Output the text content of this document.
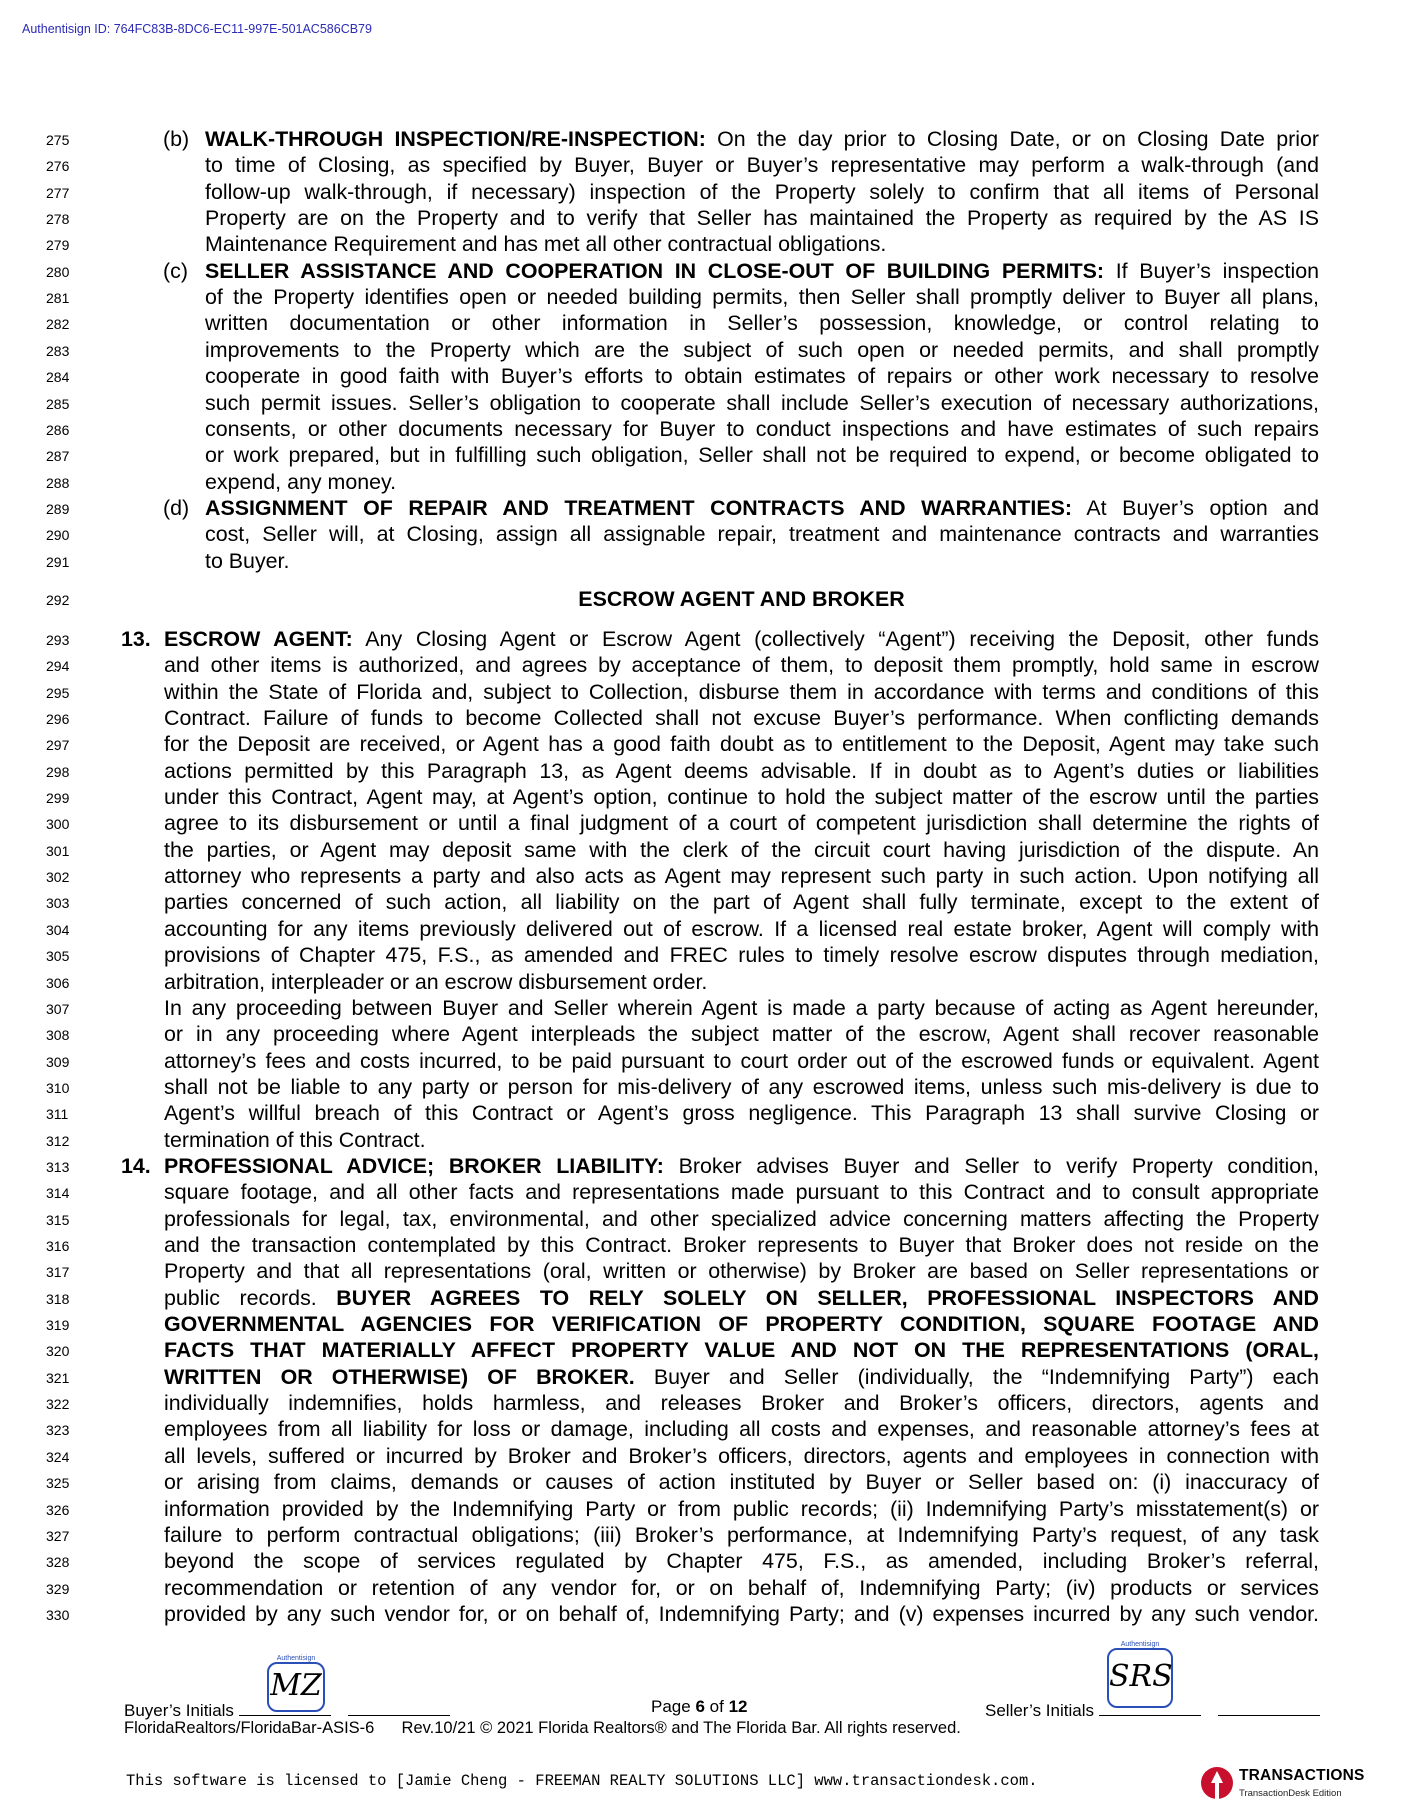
Authentisign ID: 764FC83B-8DC6-EC11-997E-501AC586CB79
275	(b) WALK-THROUGH INSPECTION/RE-INSPECTION: On the day prior to Closing Date, or on Closing Date prior
276	to time of Closing, as specified by Buyer, Buyer or Buyer’s representative may perform a walk-through (and
277	follow-up walk-through, if necessary) inspection of the Property solely to confirm that all items of Personal
278	Property are on the Property and to verify that Seller has maintained the Property as required by the AS IS
279	Maintenance Requirement and has met all other contractual obligations.
280	(c) SELLER ASSISTANCE AND COOPERATION IN CLOSE-OUT OF BUILDING PERMITS: If Buyer’s inspection
281	of the Property identifies open or needed building permits, then Seller shall promptly deliver to Buyer all plans,
282	written documentation or other information in Seller’s possession, knowledge, or control relating to
283	improvements to the Property which are the subject of such open or needed permits, and shall promptly
284	cooperate in good faith with Buyer’s efforts to obtain estimates of repairs or other work necessary to resolve
285	such permit issues. Seller’s obligation to cooperate shall include Seller’s execution of necessary authorizations,
286	consents, or other documents necessary for Buyer to conduct inspections and have estimates of such repairs
287	or work prepared, but in fulfilling such obligation, Seller shall not be required to expend, or become obligated to
288	expend, any money.
289	(d) ASSIGNMENT OF REPAIR AND TREATMENT CONTRACTS AND WARRANTIES: At Buyer’s option and
290	cost, Seller will, at Closing, assign all assignable repair, treatment and maintenance contracts and warranties
291	to Buyer.
292	ESCROW AGENT AND BROKER
293	13. ESCROW AGENT: Any Closing Agent or Escrow Agent (collectively “Agent”) receiving the Deposit, other funds
294	and other items is authorized, and agrees by acceptance of them, to deposit them promptly, hold same in escrow
295	within the State of Florida and, subject to Collection, disburse them in accordance with terms and conditions of this
296	Contract. Failure of funds to become Collected shall not excuse Buyer’s performance. When conflicting demands
297	for the Deposit are received, or Agent has a good faith doubt as to entitlement to the Deposit, Agent may take such
298	actions permitted by this Paragraph 13, as Agent deems advisable. If in doubt as to Agent’s duties or liabilities
299	under this Contract, Agent may, at Agent’s option, continue to hold the subject matter of the escrow until the parties
300	agree to its disbursement or until a final judgment of a court of competent jurisdiction shall determine the rights of
301	the parties, or Agent may deposit same with the clerk of the circuit court having jurisdiction of the dispute. An
302	attorney who represents a party and also acts as Agent may represent such party in such action. Upon notifying all
303	parties concerned of such action, all liability on the part of Agent shall fully terminate, except to the extent of
304	accounting for any items previously delivered out of escrow. If a licensed real estate broker, Agent will comply with
305	provisions of Chapter 475, F.S., as amended and FREC rules to timely resolve escrow disputes through mediation,
306	arbitration, interpleader or an escrow disbursement order.
307	In any proceeding between Buyer and Seller wherein Agent is made a party because of acting as Agent hereunder,
308	or in any proceeding where Agent interpleads the subject matter of the escrow, Agent shall recover reasonable
309	attorney’s fees and costs incurred, to be paid pursuant to court order out of the escrowed funds or equivalent. Agent
310	shall not be liable to any party or person for mis-delivery of any escrowed items, unless such mis-delivery is due to
311	Agent’s willful breach of this Contract or Agent’s gross negligence. This Paragraph 13 shall survive Closing or
312	termination of this Contract.
313	14. PROFESSIONAL ADVICE; BROKER LIABILITY: Broker advises Buyer and Seller to verify Property condition,
314	square footage, and all other facts and representations made pursuant to this Contract and to consult appropriate
315	professionals for legal, tax, environmental, and other specialized advice concerning matters affecting the Property
316	and the transaction contemplated by this Contract. Broker represents to Buyer that Broker does not reside on the
317	Property and that all representations (oral, written or otherwise) by Broker are based on Seller representations or
318	public records. BUYER AGREES TO RELY SOLELY ON SELLER, PROFESSIONAL INSPECTORS AND
319	GOVERNMENTAL AGENCIES FOR VERIFICATION OF PROPERTY CONDITION, SQUARE FOOTAGE AND
320	FACTS THAT MATERIALLY AFFECT PROPERTY VALUE AND NOT ON THE REPRESENTATIONS (ORAL,
321	WRITTEN OR OTHERWISE) OF BROKER. Buyer and Seller (individually, the “Indemnifying Party”) each
322	individually indemnifies, holds harmless, and releases Broker and Broker’s officers, directors, agents and
323	employees from all liability for loss or damage, including all costs and expenses, and reasonable attorney’s fees at
324	all levels, suffered or incurred by Broker and Broker’s officers, directors, agents and employees in connection with
325	or arising from claims, demands or causes of action instituted by Buyer or Seller based on: (i) inaccuracy of
326	information provided by the Indemnifying Party or from public records; (ii) Indemnifying Party’s misstatement(s) or
327	failure to perform contractual obligations; (iii) Broker’s performance, at Indemnifying Party’s request, of any task
328	beyond the scope of services regulated by Chapter 475, F.S., as amended, including Broker’s referral,
329	recommendation or retention of any vendor for, or on behalf of, Indemnifying Party; (iv) products or services
330	provided by any such vendor for, or on behalf of, Indemnifying Party; and (v) expenses incurred by any such vendor.
Buyer’s Initials
Authentisign
MZ
Page 6 of 12	Seller’s Initials
Authentisign
SRS
FloridaRealtors/FloridaBar-ASIS-6 Rev.10/21 © 2021 Florida Realtors® and The Florida Bar. All rights reserved.
This software is licensed to [Jamie Cheng - FREEMAN REALTY SOLUTIONS LLC] www.transactiondesk.com.	TRANSACTIONS
TransactionDesk Edition
